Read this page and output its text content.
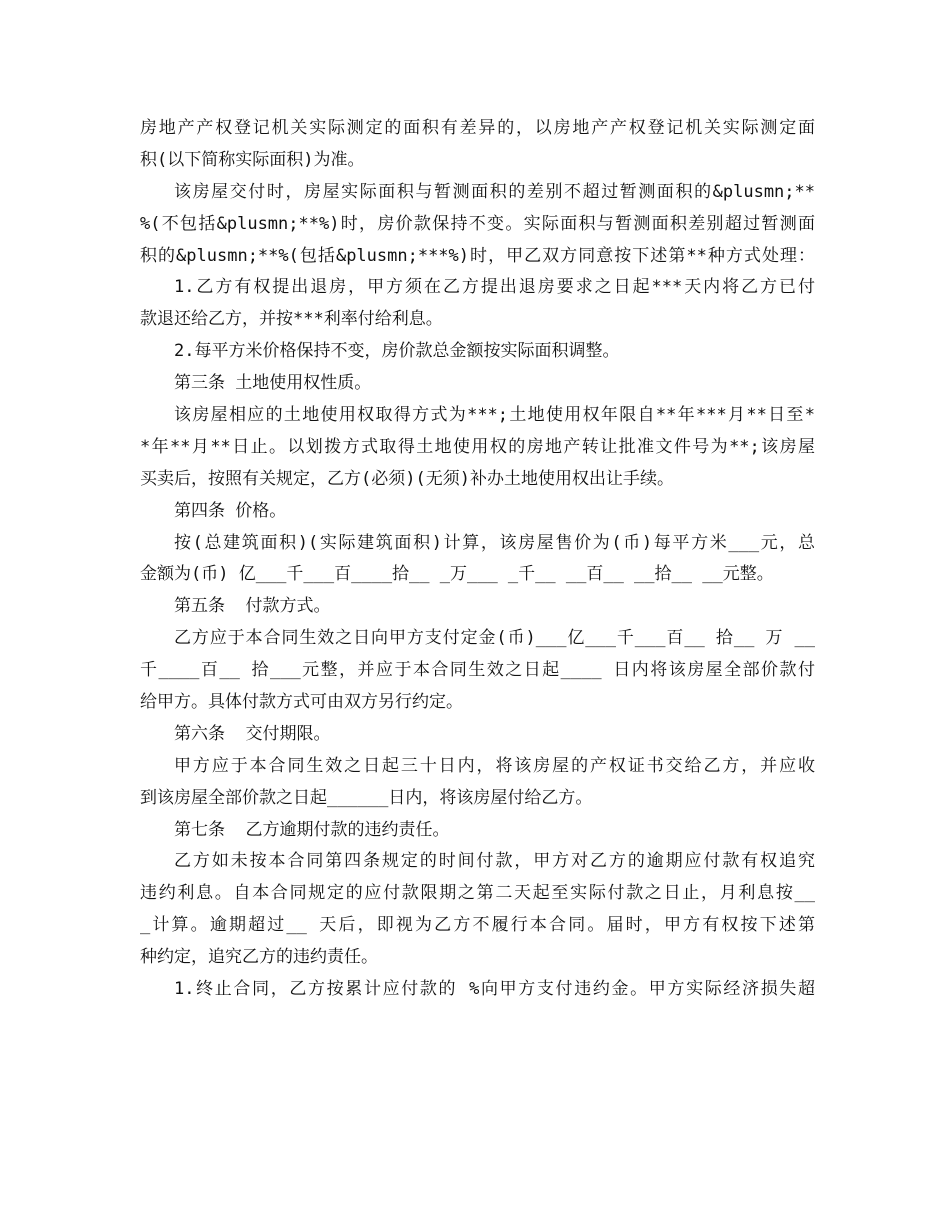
房地产产权登记机关实际测定的面积有差异的，以房地产产权登记机关实际测定面
积(以下简称实际面积)为准。
该房屋交付时，房屋实际面积与暂测面积的差别不超过暂测面积的&plusmn;**
%(不包括&plusmn;**%)时，房价款保持不变。实际面积与暂测面积差别超过暂测面
积的&plusmn;**%(包括&plusmn;***%)时，甲乙双方同意按下述第**种方式处理：
1.乙方有权提出退房，甲方须在乙方提出退房要求之日起***天内将乙方已付
款退还给乙方，并按***利率付给利息。
2.每平方米价格保持不变，房价款总金额按实际面积调整。
第三条 土地使用权性质。
该房屋相应的土地使用权取得方式为***;土地使用权年限自**年***月**日至*
*年**月**日止。以划拨方式取得土地使用权的房地产转让批准文件号为**;该房屋
买卖后，按照有关规定，乙方(必须)(无须)补办土地使用权出让手续。
第四条 价格。
按(总建筑面积)(实际建筑面积)计算，该房屋售价为(币)每平方米___元，总
金额为(币) 亿___千___百____拾__ _万___ _千__ __百__ __拾__ __元整。
第五条  付款方式。
乙方应于本合同生效之日向甲方支付定金(币)___亿___千___百__ 拾__ 万 __
千____百__ 拾___元整，并应于本合同生效之日起____ 日内将该房屋全部价款付
给甲方。具体付款方式可由双方另行约定。
第六条  交付期限。
甲方应于本合同生效之日起三十日内，将该房屋的产权证书交给乙方，并应收
到该房屋全部价款之日起______日内，将该房屋付给乙方。
第七条  乙方逾期付款的违约责任。
乙方如未按本合同第四条规定的时间付款，甲方对乙方的逾期应付款有权追究
违约利息。自本合同规定的应付款限期之第二天起至实际付款之日止，月利息按__
_计算。逾期超过__ 天后，即视为乙方不履行本合同。届时，甲方有权按下述第
种约定，追究乙方的违约责任。
1.终止合同，乙方按累计应付款的 %向甲方支付违约金。甲方实际经济损失超
